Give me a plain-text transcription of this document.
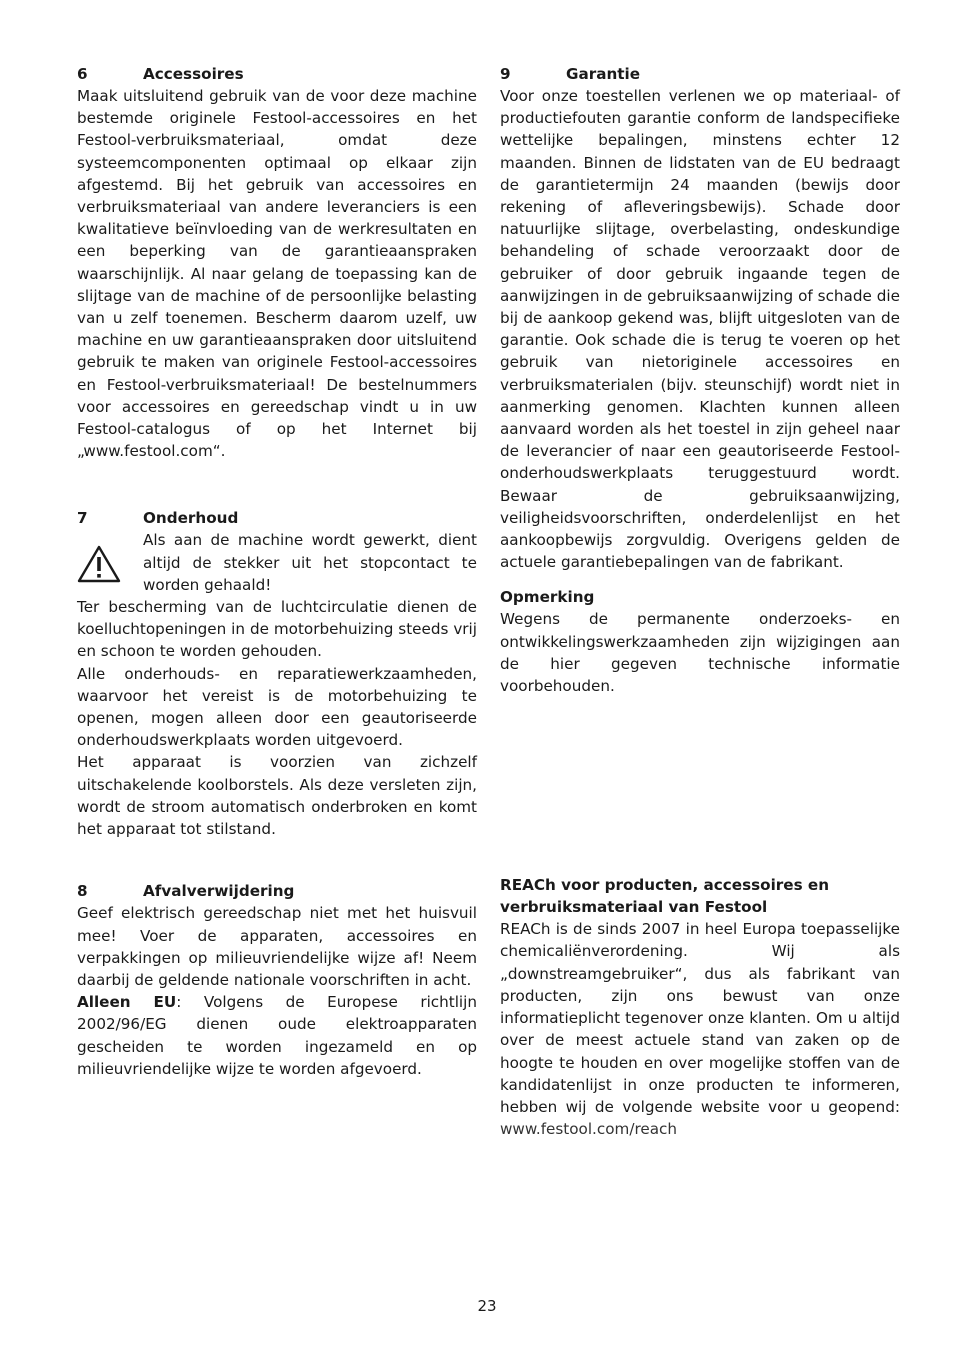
6	Accessoires

Maak uitsluitend gebruik van de voor deze machine bestemde originele Festool-accessoires en het Festool-verbruiksmateriaal, omdat deze systeemcomponenten optimaal op elkaar zijn afgestemd. Bij het gebruik van accessoires en verbruiksmateriaal van andere leveranciers is een kwalitatieve beïnvloeding van de werkresultaten en een beperking van de garantieaanspraken waarschijnlijk. Al naar gelang de toepassing kan de slijtage van de machine of de persoonlijke belasting van u zelf toenemen. Bescherm daarom uzelf, uw machine en uw garantieaanspraken door uitsluitend gebruik te maken van originele Festool-accessoires en Festool-verbruiksmateriaal! De bestelnummers voor accessoires en gereedschap vindt u in uw Festool-catalogus of op het Internet bij „www.festool.com“.

7	Onderhoud
Als aan de machine wordt gewerkt, dient altijd de stekker uit het stopcontact te worden gehaald!

Ter bescherming van de luchtcirculatie dienen de koelluchtopeningen in de motorbehuizing steeds vrij en schoon te worden gehouden.

Alle onderhouds- en reparatiewerkzaamheden, waarvoor het vereist is de motorbehuizing te openen, mogen alleen door een geautoriseerde onderhoudswerkplaats worden uitgevoerd.

Het apparaat is voorzien van zichzelf uitschakelende koolborstels. Als deze versleten zijn, wordt de stroom automatisch onderbroken en komt het apparaat tot stilstand.

8	Afvalverwijdering

Geef elektrisch gereedschap niet met het huisvuil mee! Voer de apparaten, accessoires en verpakkingen op milieuvriendelijke wijze af! Neem daarbij de geldende nationale voorschriften in acht.

Alleen EU: Volgens de Europese richtlijn 2002/96/EG dienen oude elektroapparaten gescheiden te worden ingezameld en op milieuvriendelijke wijze te worden afgevoerd.

9	Garantie

Voor onze toestellen verlenen we op materiaal- of productiefouten garantie conform de landspecifieke wettelijke bepalingen, minstens echter 12 maanden. Binnen de lidstaten van de EU bedraagt de garantietermijn 24 maanden (bewijs door rekening of afleveringsbewijs). Schade door natuurlijke slijtage, overbelasting, ondeskundige behandeling of schade veroorzaakt door de gebruiker of door gebruik ingaande tegen de aanwijzingen in de gebruiksaanwijzing of schade die bij de aankoop gekend was, blijft uitgesloten van de garantie. Ook schade die is terug te voeren op het gebruik van nietoriginele accessoires en verbruiksmaterialen (bijv. steunschijf) wordt niet in aanmerking genomen. Klachten kunnen alleen aanvaard worden als het toestel in zijn geheel naar de leverancier of naar een geautoriseerde Festool-onderhoudswerkplaats teruggestuurd wordt. Bewaar de gebruiksaanwijzing, veiligheidsvoorschriften, onderdelenlijst en het aankoopbewijs zorgvuldig. Overigens gelden de actuele garantiebepalingen van de fabrikant.

Opmerking

Wegens de permanente onderzoeks- en ontwikkelingswerkzaamheden zijn wijzigingen aan de hier gegeven technische informatie voorbehouden.

REACh voor producten, accessoires en verbruiksmateriaal van Festool

REACh is de sinds 2007 in heel Europa toepasselijke chemicaliënverordening. Wij als „downstreamgebruiker“, dus als fabrikant van producten, zijn ons bewust van onze informatieplicht tegenover onze klanten. Om u altijd over de meest actuele stand van zaken op de hoogte te houden en over mogelijke stoffen van de kandidatenlijst in onze producten te informeren, hebben wij de volgende website voor u geopend: www.festool.com/reach

23
